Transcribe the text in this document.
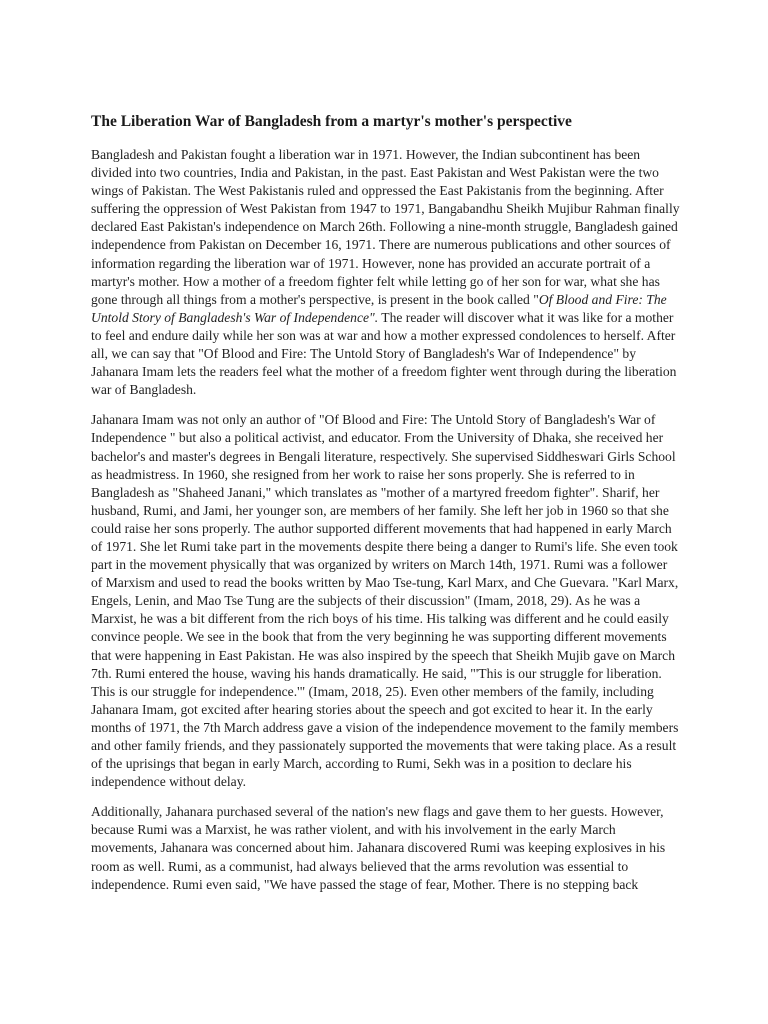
The Liberation War of Bangladesh from a martyr's mother's perspective

Bangladesh and Pakistan fought a liberation war in 1971. However, the Indian subcontinent has been divided into two countries, India and Pakistan, in the past. East Pakistan and West Pakistan were the two wings of Pakistan. The West Pakistanis ruled and oppressed the East Pakistanis from the beginning. After suffering the oppression of West Pakistan from 1947 to 1971, Bangabandhu Sheikh Mujibur Rahman finally declared East Pakistan's independence on March 26th. Following a nine-month struggle, Bangladesh gained independence from Pakistan on December 16, 1971. There are numerous publications and other sources of information regarding the liberation war of 1971. However, none has provided an accurate portrait of a martyr's mother. How a mother of a freedom fighter felt while letting go of her son for war, what she has gone through all things from a mother's perspective, is present in the book called "Of Blood and Fire: The Untold Story of Bangladesh's War of Independence". The reader will discover what it was like for a mother to feel and endure daily while her son was at war and how a mother expressed condolences to herself. After all, we can say that "Of Blood and Fire: The Untold Story of Bangladesh's War of Independence" by Jahanara Imam lets the readers feel what the mother of a freedom fighter went through during the liberation war of Bangladesh.

Jahanara Imam was not only an author of "Of Blood and Fire: The Untold Story of Bangladesh's War of Independence " but also a political activist, and educator. From the University of Dhaka, she received her bachelor's and master's degrees in Bengali literature, respectively. She supervised Siddheswari Girls School as headmistress. In 1960, she resigned from her work to raise her sons properly. She is referred to in Bangladesh as "Shaheed Janani," which translates as "mother of a martyred freedom fighter". Sharif, her husband, Rumi, and Jami, her younger son, are members of her family. She left her job in 1960 so that she could raise her sons properly. The author supported different movements that had happened in early March of 1971. She let Rumi take part in the movements despite there being a danger to Rumi's life. She even took part in the movement physically that was organized by writers on March 14th, 1971. Rumi was a follower of Marxism and used to read the books written by Mao Tse-tung, Karl Marx, and Che Guevara. "Karl Marx, Engels, Lenin, and Mao Tse Tung are the subjects of their discussion" (Imam, 2018, 29). As he was a Marxist, he was a bit different from the rich boys of his time. His talking was different and he could easily convince people. We see in the book that from the very beginning he was supporting different movements that were happening in East Pakistan. He was also inspired by the speech that Sheikh Mujib gave on March 7th. Rumi entered the house, waving his hands dramatically. He said, "'This is our struggle for liberation. This is our struggle for independence.'" (Imam, 2018, 25). Even other members of the family, including Jahanara Imam, got excited after hearing stories about the speech and got excited to hear it. In the early months of 1971, the 7th March address gave a vision of the independence movement to the family members and other family friends, and they passionately supported the movements that were taking place. As a result of the uprisings that began in early March, according to Rumi, Sekh was in a position to declare his independence without delay.

Additionally, Jahanara purchased several of the nation's new flags and gave them to her guests. However, because Rumi was a Marxist, he was rather violent, and with his involvement in the early March movements, Jahanara was concerned about him. Jahanara discovered Rumi was keeping explosives in his room as well. Rumi, as a communist, had always believed that the arms revolution was essential to independence. Rumi even said, "We have passed the stage of fear, Mother. There is no stepping back
